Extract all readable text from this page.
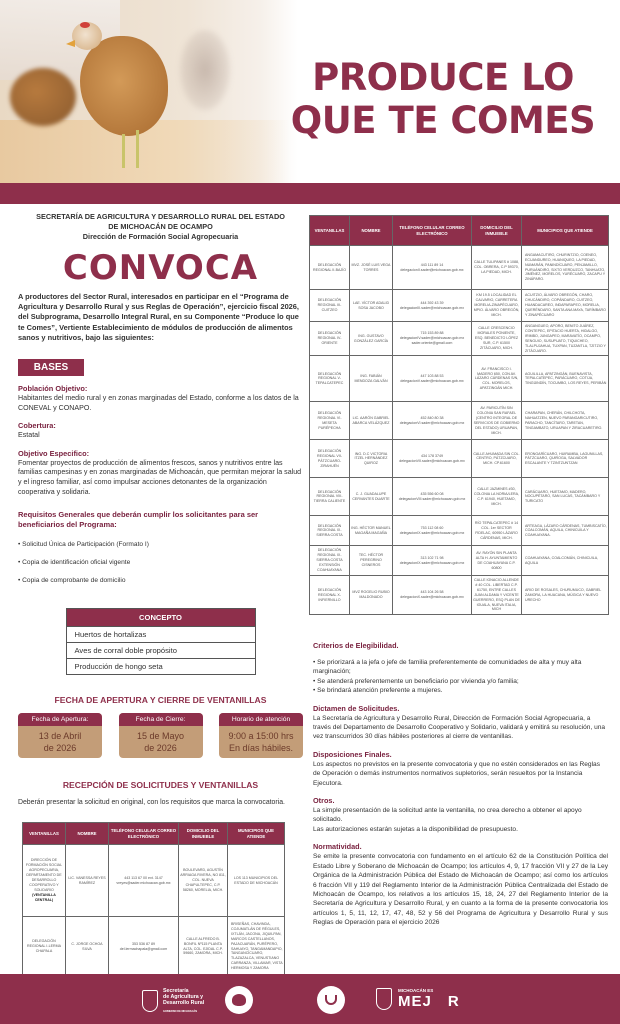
PRODUCE LO
QUE TE COMES
SECRETARÍA DE AGRICULTURA Y DESARROLLO RURAL DEL ESTADO
DE MICHOACÁN DE OCAMPO
Dirección de Formación Social Agropecuaria
CONVOCA

A productores del Sector Rural, interesados en participar en el “Programa de Agricultura y Desarrollo Rural y sus Reglas de Operación”, ejercicio fiscal 2026, del Subprograma, Desarrollo Integral Rural, en su Componente “Produce lo que te Comes”, Vertiente Establecimiento de módulos de producción de alimentos sanos y nutritivos, bajo las siguientes:

BASES
Población Objetivo:

Habitantes del medio rural y en zonas marginadas del Estado, conforme a los datos de la CONEVAL y CONAPO.

Cobertura:

Estatal

Objetivo Especifico:

Fomentar proyectos de producción de alimentos frescos, sanos y nutritivos entre las familias campesinas y en zonas marginadas de Michoacán, que permitan mejorar la salud y el ingreso familiar, así como impulsar acciones detonantes de la organización cooperativa y solidaria.

Requisitos Generales que deberán cumplir los solicitantes para ser beneficiarios del Programa:
• Solicitud Única de Participación (Formato I)
• Copia de identificación oficial vigente
• Copia de comprobante de domicilio
CONCEPTO
Huertos de hortalizas
Aves de corral doble propósito
Producción de hongo seta
FECHA DE APERTURA Y CIERRE DE VENTANILLAS
Fecha de Apertura:
13 de Abril
de 2026
Fecha de Cierre:
15 de Mayo
de 2026
Horario de atención
9:00 a 15:00 hrs
En días hábiles.
RECEPCIÓN DE SOLICITUDES Y VENTANILLAS

Deberán presentar la solicitud en original, con los requisitos que marca la convocatoria.

VENTANILLAS	NOMBRE	TELÉFONO CELULAR CORREO ELECTRÓNICO	DOMICILIO DEL INMUEBLE	MUNICIPIOS QUE ATIENDE
DIRECCIÓN DE FORMACIÓN SOCIAL AGROPECUARIA, DEPARTAMENTO DE DESARROLLO COOPERATIVO Y SOLIDARIO
(VENTANILLA CENTRAL)	LIC. VANESSA REYES RAMÍREZ	
443 113 67 00 ext. 3147
vreyes@sader.michoacan.gob.mx
	BOULEVARD, AGUSTÍN ARRIAGA RIVERA, NO 811, COL. NUEVA CHAPULTEPEC, C.P. 58260, MORELIA, MICH.	LOS 113 MUNICIPIOS DEL ESTADO DE MICHOACÁN
DELEGACIÓN REGIONAL I-LERMA CHAPALA	C. JORGE OCHOA SILVA	353 536 87 89
del.lermachapala@gmail.com	CALLE ALFREDO B. BONFIL Nº115 PLANTA ALTA, COL. EJIDAL C.P. 59660, ZAMORA, MICH.	BRISEÑAS, CHAVINDA, COJUMATLÁN DE RÉGULES, IXTLÁN, JACONA, JIQUILPAN, MARCOS CASTELLANOS, PAJACUARÁN, PURÉPERO, SAHUAYO, TANGAMANDAPIO, TANGANCÍCUARO, TLAZAZALCA, VENUSTIANO CARRANZA, VILLAMAR, VISTA HERMOSA Y ZAMORA
VENTANILLAS	NOMBRE	TELÉFONO CELULAR CORREO ELECTRÓNICO	DOMICILIO DEL INMUEBLE	MUNICIPIOS QUE ATIENDE
DELEGACIÓN REGIONAL II-BAJÍO	MVZ. JOSÉ LUIS VEGA TORRES	443 111 89 14
delegacionII.sader@michoacan.gob.mx	CALLE TULIPANES # 1088, COL. OBRERA, C.P 59370, LA PIEDAD, MICH.	ANGAMACUTIRO, CHURINTZIO, COENEO, ECUANDUREO, HUANIQUEO, LA PIEDAD, NUMARÁN, PANINDÍCUARO, PENJAMILLO, PURUÁNDIRO, SIXTO VERDUZCO, TANHUATO, JIMÉNEZ, MORELOS, YURÉCUARO, ZACAPU Y ZINÁPARO.
DELEGACIÓN REGIONAL III-CUITZEO	LAE. VÍCTOR ADALID SOSA JACOBO	444 392 43 39
delegacionIII.sader@michoacan.gob.mx	KM 19.5 LOCALIDAD EL CALVARIO, CARRETERA MORELIA-ZINAPÉCUARO, MPIO. ÁLVARO OBREGÓN, MICH.	ACUITZIO, ÁLVARO OBREGÓN, CHARO, CHUCÁNDIRO, COPÁNDARO, CUITZEO, HUANDACAREO, INDAPARAPEO, MORELIA, QUERÉNDARO, SANTA ANA MAYA, TARÍMBARO Y ZINAPÉCUARO
DELEGACIÓN REGIONAL IV-ORIENTE	ING. GUSTAVO GONZÁLEZ GARCÍA	715 153 89 88
delegacionIV.sader@michoacan.gob.mx sader.oriente@gmail.com	CALLE CRESCENCIO MORALES PONIENTE, ESQ. BENEDICTO LÓPEZ SUR, C.P. 61500 ZITÁCUARO, MICH.	ANGANGUEO, APORO, BENITO JUÁREZ, CONTEPEC, EPITACIO HUERTA, HIDALGO, IRIMBO, JUNGAPEO, MARAVATÍO, OCAMPO, SENGUIO, SUSUPUATO, TIQUICHEO, TLALPUJAHUA, TUXPAN, TUZANTLA, TZITZIO Y ZITÁCUARO.
DELEGACIÓN REGIONAL V-TEPALCATEPEC	ING. FABIÁN MENDOZA GALVÁN	447 103 88 53
delegacionV.sader@michoacan.gob.mx	AV. FRANCISCO I. MADERO 650, CON AV. LÁZARO CÁRDENAS S/N, COL. MORELOS, APATZINGÁN MICH.	AGUILILLA, APATZINGÁN, BUENAVISTA, TEPALCATEPEC, PARÁCUARO, COTIJA, TINGÜINDÍN, TOCUMBO, LOS REYES, PERIBÁN
DELEGACIÓN REGIONAL VI-MESETA PURÉPECHA	LIC. AARÓN GABRIEL ABARCA VELÁZQUEZ	452 840 80 38
delegacionVI.sader@michoacan.gob.mx	AV. PARICUTÍN SIN COLONIA SAN RAFAEL (CENTRO INTEGRAL DE SERVICIOS DE GOBIERNO DEL ESTADO) URUAPAN, MICH.	CHARAPAN, CHERÁN, CHILCHOTA, NAHUATZEN, NUEVO PARANGARICUTIRO, PARACHO, TANCÍTARO, TARETAN, TINGAMBATO, URUAPAN Y ZIRACUARETIRO.
DELEGACIÓN REGIONAL VII-PÁTZCUARO-ZIRAHUÉN	ING. D.C VICTORIA ITZEL HERNÁNDEZ QUIROZ	434 178 3749
delegacionVII.sader@michoacan.gob.mx	CALLE AHUMADA SIN COL. CENTRO, PÁTZCUARO, MICH. CP.61600	ERONGARÍCUARO, HUIRAMBA, LAGUNILLAS, PÁTZCUARO, QUIROGA, SALVADOR ESCALANTE Y TZINTZUNTZAN
DELEGACIÓN REGIONAL VIII-TIERRA CALIENTE	C. J. GUADALUPE CERVANTES DUARTE	435 556 60 08
delegacionVIII.sader@michoacan.gob.mx	CALLE JAZMINES #30, COLONIA LA NORIA/LERA, C.P. 61940, HUETAMO, MICH.	CARÁCUARO, HUETAMO, MADERO, NOCUPÉTARO, SAN LUCAS, TACÁMBARO Y TURICATO
DELEGACIÓN REGIONAL IX-SIERRA COSTA	ING. HÉCTOR MANUEL MAGAÑA MAGAÑA	753 112 08 60
delegacionIX.sader@michoacan.gob.mx	RÍO TEPALCATEPEC # 14 COL. 1er SECTOR FIDELAC, 60950 LÁZARO CÁRDENAS, MICH.	ARTEAGA, LÁZARO CÁRDENAS, TUMBISCATÍO, COALCOMÁN, AQUILA, CHINICUILA Y COAHUAYANA.
DELEGACIÓN REGIONAL IX- SIERRA COSTA EXTENSIÓN COAHUAYANA	TEC. HÉCTOR PEREGRINO CISNEROS	313 102 71 98
delegacionIX.sader@michoacan.gob.mx	AV. RAYÓN SIN PLANTA ALTA H. AYUNTAMIENTO DE COAHUAYANA C.P. 60800	COAHUAYANA, COALCOMÁN, CHINICUILA, AQUILA
DELEGACIÓN REGIONAL X-INFIERNILLO	MVZ ROGELIO RUBIO MALDONADO	443 104 26 58
delegacionX.sader@michoacan.gob.mx	CALLE IGNACIO ALLENDE # 40 COL. LIBERTAD C.P. 61750, ENTRE CALLES JUAN ALDAMA Y VICENTE GUERRERO, ESQ PLAN DE IGUALA, NUEVA ITALIA, MICH	ARIO DE ROSALES, CHURUMUCO, GABRIEL ZAMORA, LA HUACANA, MÚGICA Y NUEVO URECHO
Criterios de Elegibilidad.

• Se priorizará a la jefa o jefe de familia preferentemente de comunidades de alta y muy alta marginación;

• Se atenderá preferentemente un beneficiario por vivienda y/o familia;

• Se brindará atención preferente a mujeres.

Dictamen de Solicitudes.

La Secretaría de Agricultura y Desarrollo Rural, Dirección de Formación Social Agropecuaria, a través del Departamento de Desarrollo Cooperativo y Solidario, validará y emitirá su resolución, una vez transcurridos 30 días hábiles posteriores al cierre de ventanillas.

Disposiciones Finales.

Los aspectos no previstos en la presente convocatoria y que no estén considerados en las Reglas de Operación o demás instrumentos normativos supletorios, serán resueltos por la Instancia Ejecutora.

Otros.

La simple presentación de la solicitud ante la ventanilla, no crea derecho a obtener el apoyo solicitado.

Las autorizaciones estarán sujetas a la disponibilidad de presupuesto.

Normatividad.

Se emite la presente convocatoria con fundamento en el artículo 62 de la Constitución Política del Estado Libre y Soberano de Michoacán de Ocampo; los artículos 4, 9, 17 fracción VII y 27 de la Ley Orgánica de la Administración Pública del Estado de Michoacán de Ocampo; así como los artículos 6 fracción VII y 119 del Reglamento Interior de la Administración Pública Centralizada del Estado de Michoacán de Ocampo, los relativos a los artículos 15, 18, 24, 27 del Reglamento Interior de la Secretaría de Agricultura y Desarrollo Rural, y en cuanto a la forma de la presente convocatoria los artículos 1, 5, 11, 12, 17, 47, 48, 52 y 56 del Programa de Agricultura y Desarrollo Rural y sus Reglas de Operación para el ejercicio 2026

Secretaría
de Agricultura y
Desarrollo Rural
GOBIERNO DE MICHOACÁN
MICHOACÁN ES
MEJ R
